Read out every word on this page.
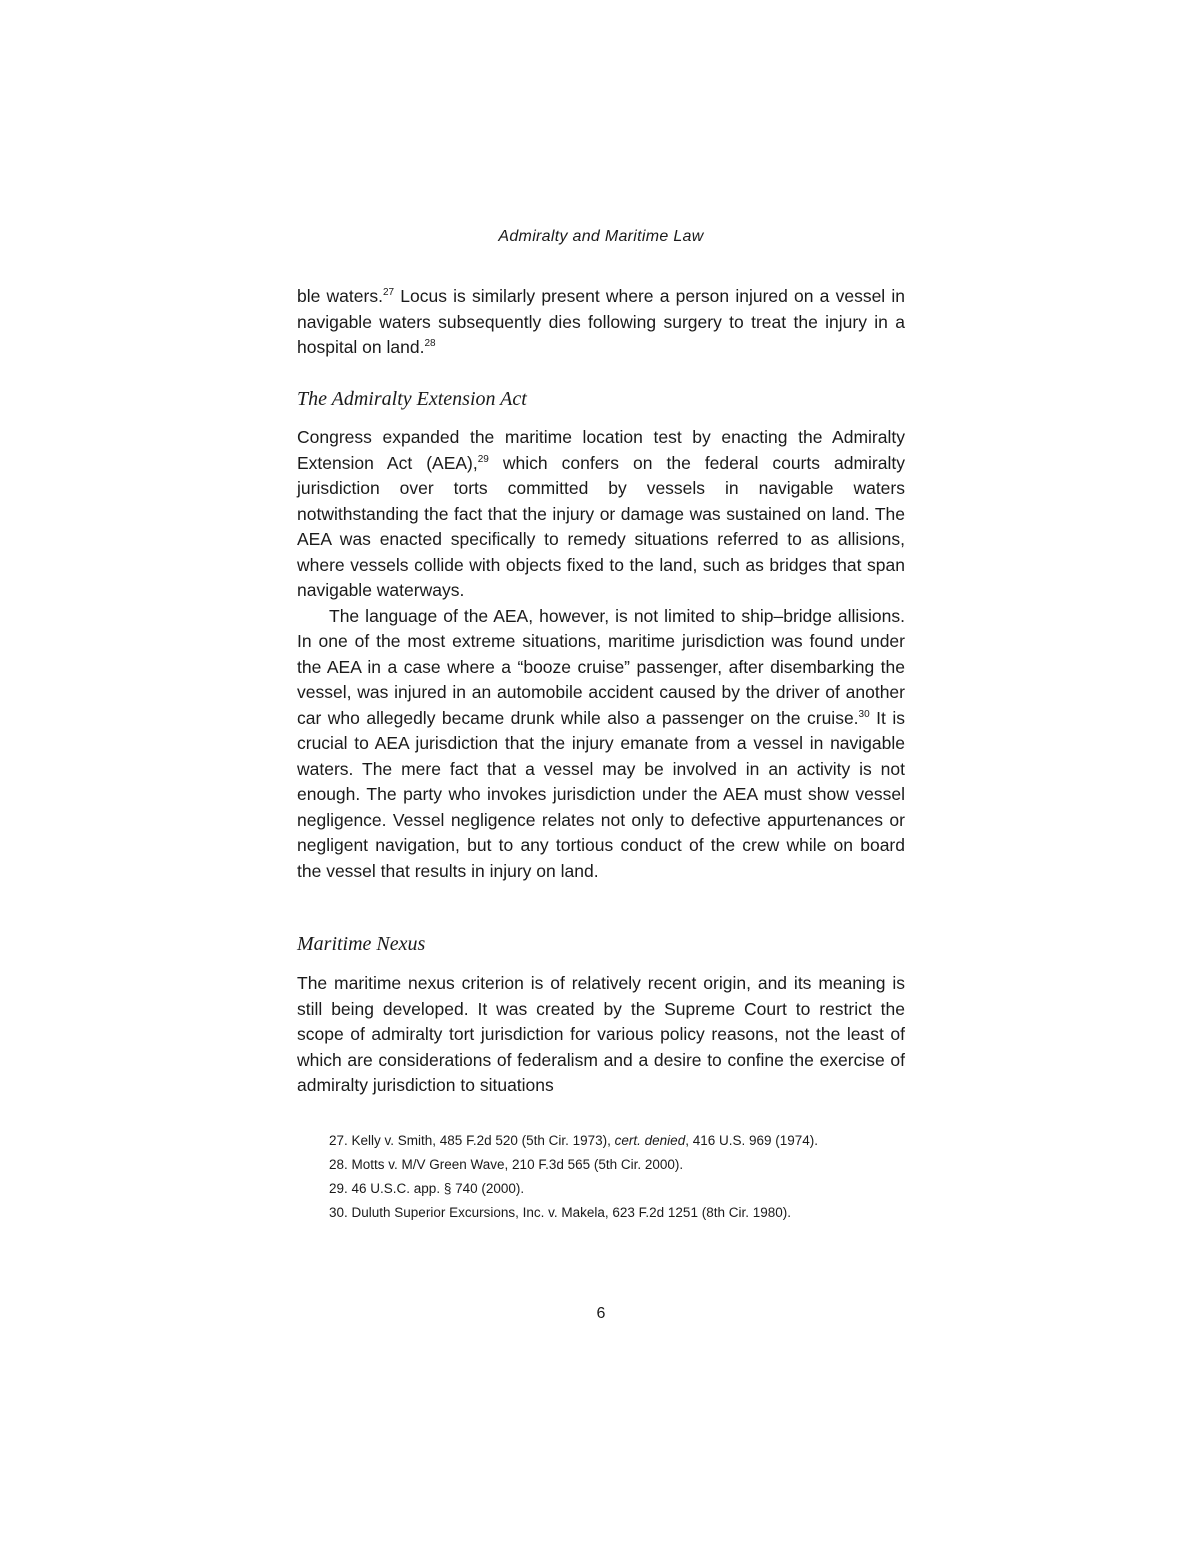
Admiralty and Maritime Law

ble waters.$^{27}$ Locus is similarly present where a person injured on a vessel in navigable waters subsequently dies following surgery to treat the injury in a hospital on land.$^{28}$

The Admiralty Extension Act

Congress expanded the maritime location test by enacting the Admiralty Extension Act (AEA),$^{29}$ which confers on the federal courts admiralty jurisdiction over torts committed by vessels in navigable waters notwithstanding the fact that the injury or damage was sustained on land. The AEA was enacted specifically to remedy situations referred to as allisions, where vessels collide with objects fixed to the land, such as bridges that span navigable waterways.

The language of the AEA, however, is not limited to ship–bridge allisions. In one of the most extreme situations, maritime jurisdiction was found under the AEA in a case where a “booze cruise” passenger, after disembarking the vessel, was injured in an automobile accident caused by the driver of another car who allegedly became drunk while also a passenger on the cruise.$^{30}$ It is crucial to AEA jurisdiction that the injury emanate from a vessel in navigable waters. The mere fact that a vessel may be involved in an activity is not enough. The party who invokes jurisdiction under the AEA must show vessel negligence. Vessel negligence relates not only to defective appurtenances or negligent navigation, but to any tortious conduct of the crew while on board the vessel that results in injury on land.

Maritime Nexus

The maritime nexus criterion is of relatively recent origin, and its meaning is still being developed. It was created by the Supreme Court to restrict the scope of admiralty tort jurisdiction for various policy reasons, not the least of which are considerations of federalism and a desire to confine the exercise of admiralty jurisdiction to situations

27. Kelly v. Smith, 485 F.2d 520 (5th Cir. 1973), cert. denied, 416 U.S. 969 (1974).

28. Motts v. M/V Green Wave, 210 F.3d 565 (5th Cir. 2000).

29. 46 U.S.C. app. § 740 (2000).

30. Duluth Superior Excursions, Inc. v. Makela, 623 F.2d 1251 (8th Cir. 1980).

6
